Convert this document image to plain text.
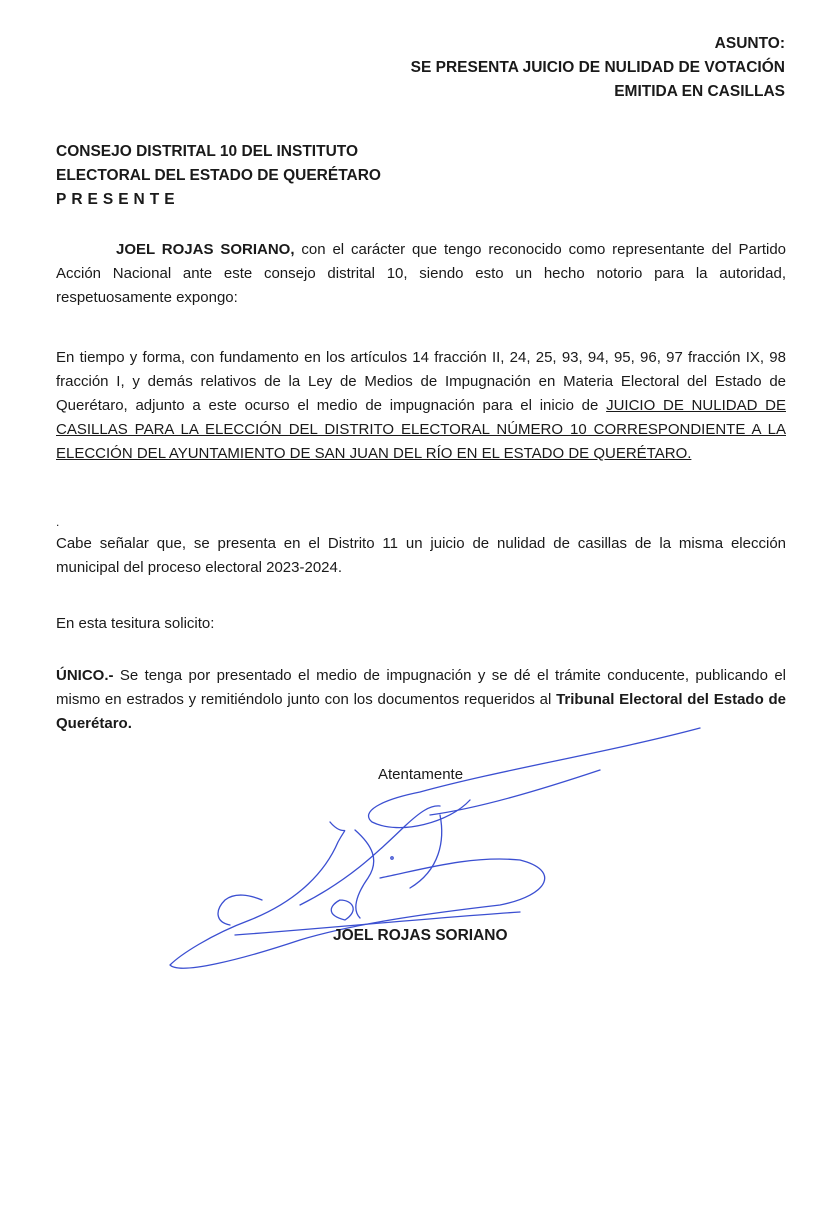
ASUNTO:
SE PRESENTA JUICIO DE NULIDAD DE VOTACIÓN
EMITIDA EN CASILLAS
CONSEJO DISTRITAL 10 DEL INSTITUTO
ELECTORAL DEL ESTADO DE QUERÉTARO
PRESENTE
JOEL ROJAS SORIANO, con el carácter que tengo reconocido como representante del Partido Acción Nacional ante este consejo distrital 10, siendo esto un hecho notorio para la autoridad, respetuosamente expongo:
En tiempo y forma, con fundamento en los artículos 14 fracción II, 24, 25, 93, 94, 95, 96, 97 fracción IX, 98 fracción I, y demás relativos de la Ley de Medios de Impugnación en Materia Electoral del Estado de Querétaro, adjunto a este ocurso el medio de impugnación para el inicio de JUICIO DE NULIDAD DE CASILLAS PARA LA ELECCIÓN DEL DISTRITO ELECTORAL NÚMERO 10 CORRESPONDIENTE A LA ELECCIÓN DEL AYUNTAMIENTO DE SAN JUAN DEL RÍO EN EL ESTADO DE QUERÉTARO.
.
Cabe señalar que, se presenta en el Distrito 11 un juicio de nulidad de casillas de la misma elección municipal del proceso electoral 2023-2024.
En esta tesitura solicito:
ÚNICO.- Se tenga por presentado el medio de impugnación y se dé el trámite conducente, publicando el mismo en estrados y remitiéndolo junto con los documentos requeridos al Tribunal Electoral del Estado de Querétaro.
Atentamente
JOEL ROJAS SORIANO
